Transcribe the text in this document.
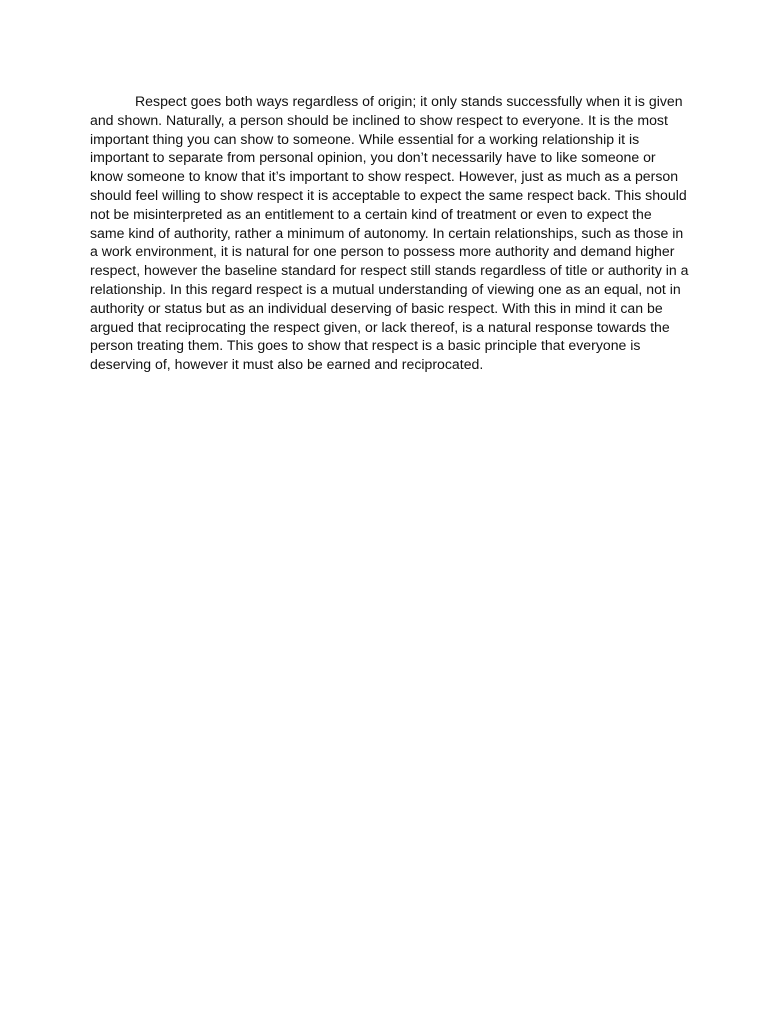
Respect goes both ways regardless of origin; it only stands successfully when it is given
and shown. Naturally, a person should be inclined to show respect to everyone. It is the most
important thing you can show to someone. While essential for a working relationship it is
important to separate from personal opinion, you don’t necessarily have to like someone or
know someone to know that it’s important to show respect. However, just as much as a person
should feel willing to show respect it is acceptable to expect the same respect back. This should
not be misinterpreted as an entitlement to a certain kind of treatment or even to expect the
same kind of authority, rather a minimum of autonomy. In certain relationships, such as those in
a work environment, it is natural for one person to possess more authority and demand higher
respect, however the baseline standard for respect still stands regardless of title or authority in a
relationship. In this regard respect is a mutual understanding of viewing one as an equal, not in
authority or status but as an individual deserving of basic respect. With this in mind it can be
argued that reciprocating the respect given, or lack thereof, is a natural response towards the
person treating them. This goes to show that respect is a basic principle that everyone is
deserving of, however it must also be earned and reciprocated.
